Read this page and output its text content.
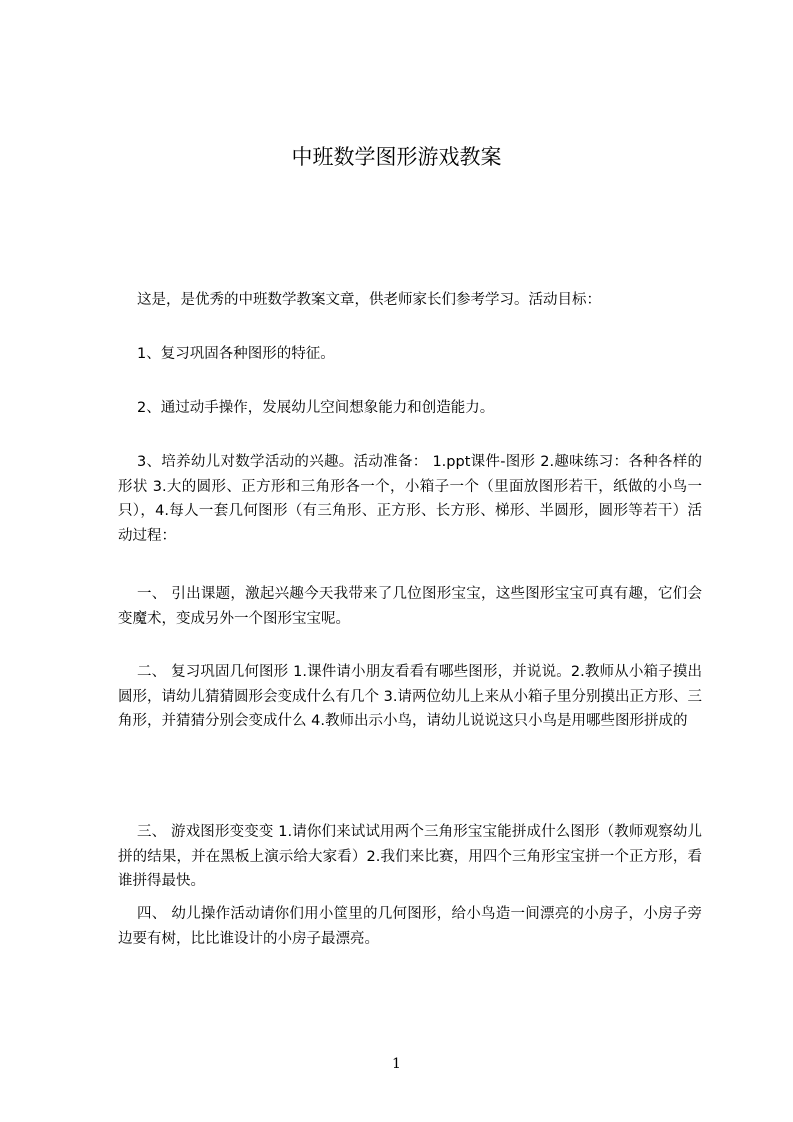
中班数学图形游戏教案

这是，是优秀的中班数学教案文章，供老师家长们参考学习。活动目标：

1、复习巩固各种图形的特征。

2、通过动手操作，发展幼儿空间想象能力和创造能力。

3、培养幼儿对数学活动的兴趣。活动准备： 1.ppt课件-图形 2.趣味练习：各种各样的形状 3.大的圆形、正方形和三角形各一个，小箱子一个（里面放图形若干，纸做的小鸟一只），4.每人一套几何图形（有三角形、正方形、长方形、梯形、半圆形，圆形等若干）活动过程：

一、 引出课题，激起兴趣今天我带来了几位图形宝宝，这些图形宝宝可真有趣，它们会变魔术，变成另外一个图形宝宝呢。

二、 复习巩固几何图形 1.课件请小朋友看看有哪些图形，并说说。2.教师从小箱子摸出圆形，请幼儿猜猜圆形会变成什么有几个 3.请两位幼儿上来从小箱子里分别摸出正方形、三角形，并猜猜分别会变成什么 4.教师出示小鸟，请幼儿说说这只小鸟是用哪些图形拼成的

三、 游戏图形变变变 1.请你们来试试用两个三角形宝宝能拼成什么图形（教师观察幼儿拼的结果，并在黑板上演示给大家看）2.我们来比赛，用四个三角形宝宝拼一个正方形，看谁拼得最快。

四、 幼儿操作活动请你们用小筐里的几何图形，给小鸟造一间漂亮的小房子，小房子旁边要有树，比比谁设计的小房子最漂亮。

1
